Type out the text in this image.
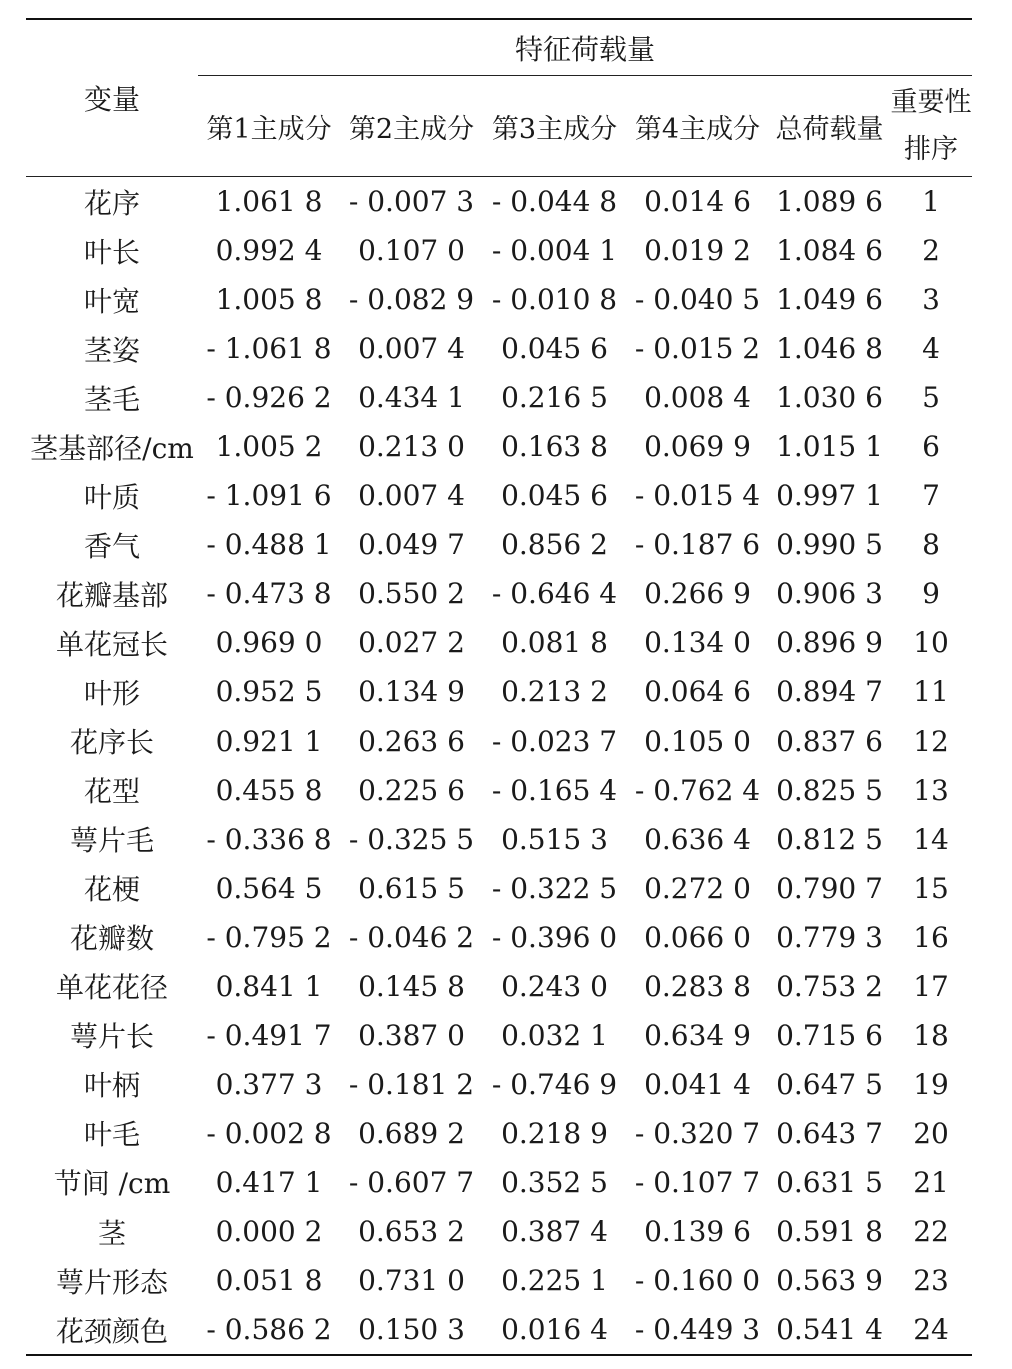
变量	特征荷载量					
	第1主成分	第2主成分	第3主成分	第4主成分	总荷载量	重要性
排序
花序	1.061 8	- 0.007 3	- 0.044 8	0.014 6	1.089 6	1
叶长	0.992 4	0.107 0	- 0.004 1	0.019 2	1.084 6	2
叶宽	1.005 8	- 0.082 9	- 0.010 8	- 0.040 5	1.049 6	3
茎姿	- 1.061 8	0.007 4	0.045 6	- 0.015 2	1.046 8	4
茎毛	- 0.926 2	0.434 1	0.216 5	0.008 4	1.030 6	5
茎基部径/cm	1.005 2	0.213 0	0.163 8	0.069 9	1.015 1	6
叶质	- 1.091 6	0.007 4	0.045 6	- 0.015 4	0.997 1	7
香气	- 0.488 1	0.049 7	0.856 2	- 0.187 6	0.990 5	8
花瓣基部	- 0.473 8	0.550 2	- 0.646 4	0.266 9	0.906 3	9
单花冠长	0.969 0	0.027 2	0.081 8	0.134 0	0.896 9	10
叶形	0.952 5	0.134 9	0.213 2	0.064 6	0.894 7	11
花序长	0.921 1	0.263 6	- 0.023 7	0.105 0	0.837 6	12
花型	0.455 8	0.225 6	- 0.165 4	- 0.762 4	0.825 5	13
萼片毛	- 0.336 8	- 0.325 5	0.515 3	0.636 4	0.812 5	14
花梗	0.564 5	0.615 5	- 0.322 5	0.272 0	0.790 7	15
花瓣数	- 0.795 2	- 0.046 2	- 0.396 0	0.066 0	0.779 3	16
单花花径	0.841 1	0.145 8	0.243 0	0.283 8	0.753 2	17
萼片长	- 0.491 7	0.387 0	0.032 1	0.634 9	0.715 6	18
叶柄	0.377 3	- 0.181 2	- 0.746 9	0.041 4	0.647 5	19
叶毛	- 0.002 8	0.689 2	0.218 9	- 0.320 7	0.643 7	20
节间 /cm	0.417 1	- 0.607 7	0.352 5	- 0.107 7	0.631 5	21
茎	0.000 2	0.653 2	0.387 4	0.139 6	0.591 8	22
萼片形态	0.051 8	0.731 0	0.225 1	- 0.160 0	0.563 9	23
花颈颜色	- 0.586 2	0.150 3	0.016 4	- 0.449 3	0.541 4	24
